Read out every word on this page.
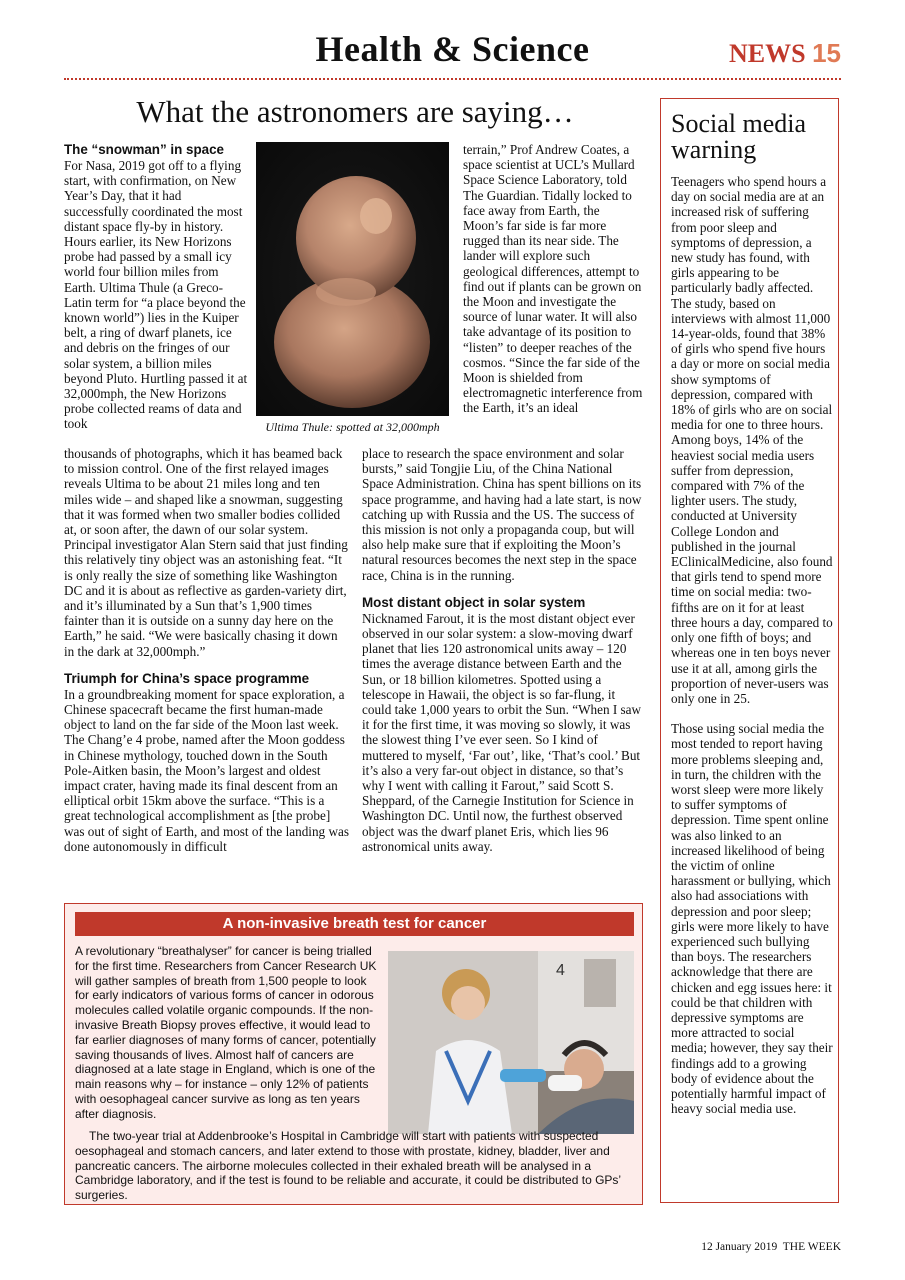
Health & Science	NEWS 15
What the astronomers are saying…
The “snowman” in space

For Nasa, 2019 got off to a flying start, with confirmation, on New Year’s Day, that it had successfully coordinated the most distant space fly-by in history. Hours earlier, its New Horizons probe had passed by a small icy world four billion miles from Earth. Ultima Thule (a Greco-Latin term for “a place beyond the known world”) lies in the Kuiper belt, a ring of dwarf planets, ice and debris on the fringes of our solar system, a billion miles beyond Pluto. Hurtling passed it at 32,000mph, the New Horizons probe collected reams of data and took	Ultima Thule: spotted at 32,000mph

terrain,” Prof Andrew Coates, a space scientist at UCL’s Mullard Space Science Laboratory, told The Guardian. Tidally locked to face away from Earth, the Moon’s far side is far more rugged than its near side. The lander will explore such geological differences, attempt to find out if plants can be grown on the Moon and investigate the source of lunar water. It will also take advantage of its position to “listen” to deeper reaches of the cosmos. “Since the far side of the Moon is shielded from electromagnetic interference from the Earth, it’s an ideal

thousands of photographs, which it has beamed back to mission control. One of the first relayed images reveals Ultima to be about 21 miles long and ten miles wide – and shaped like a snowman, suggesting that it was formed when two smaller bodies collided at, or soon after, the dawn of our solar system. Principal investigator Alan Stern said that just finding this relatively tiny object was an astonishing feat. “It is only really the size of something like Washington DC and it is about as reflective as garden-variety dirt, and it’s illuminated by a Sun that’s 1,900 times fainter than it is outside on a sunny day here on the Earth,” he said. “We were basically chasing it down in the dark at 32,000mph.”

Triumph for China’s space programme

In a groundbreaking moment for space exploration, a Chinese spacecraft became the first human-made object to land on the far side of the Moon last week. The Chang’e 4 probe, named after the Moon goddess in Chinese mythology, touched down in the South Pole-Aitken basin, the Moon’s largest and oldest impact crater, having made its final descent from an elliptical orbit 15km above the surface. “This is a great technological accomplishment as [the probe] was out of sight of Earth, and most of the landing was done autonomously in difficult

place to research the space environment and solar bursts,” said Tongjie Liu, of the China National Space Administration. China has spent billions on its space programme, and having had a late start, is now catching up with Russia and the US. The success of this mission is not only a propaganda coup, but will also help make sure that if exploiting the Moon’s natural resources becomes the next step in the space race, China is in the running.

Most distant object in solar system

Nicknamed Farout, it is the most distant object ever observed in our solar system: a slow-moving dwarf planet that lies 120 astronomical units away – 120 times the average distance between Earth and the Sun, or 18 billion kilometres. Spotted using a telescope in Hawaii, the object is so far-flung, it could take 1,000 years to orbit the Sun. “When I saw it for the first time, it was moving so slowly, it was the slowest thing I’ve ever seen. So I kind of muttered to myself, ‘Far out’, like, ‘That’s cool.’ But it’s also a very far-out object in distance, so that’s why I went with calling it Farout,” said Scott S. Sheppard, of the Carnegie Institution for Science in Washington DC. Until now, the furthest observed object was the dwarf planet Eris, which lies 96 astronomical units away.

A non-invasive breath test for cancer

A revolutionary “breathalyser” for cancer is being trialled for the first time. Researchers from Cancer Research UK will gather samples of breath from 1,500 people to look for early indicators of various forms of cancer in odorous molecules called volatile organic compounds. If the non-invasive Breath Biopsy proves effective, it would lead to far earlier diagnoses of many forms of cancer, potentially saving thousands of lives. Almost half of cancers are diagnosed at a late stage in England, which is one of the main reasons why – for instance – only 12% of patients with oesophageal cancer survive as long as ten years after diagnosis.

4

The two-year trial at Addenbrooke’s Hospital in Cambridge will start with patients with suspected oesophageal and stomach cancers, and later extend to those with prostate, kidney, bladder, liver and pancreatic cancers. The airborne molecules collected in their exhaled breath will be analysed in a Cambridge laboratory, and if the test is found to be reliable and accurate, it could be distributed to GPs’ surgeries.

Social media warning

Teenagers who spend hours a day on social media are at an increased risk of suffering from poor sleep and symptoms of depression, a new study has found, with girls appearing to be particularly badly affected. The study, based on interviews with almost 11,000 14-year-olds, found that 38% of girls who spend five hours a day or more on social media show symptoms of depression, compared with 18% of girls who are on social media for one to three hours. Among boys, 14% of the heaviest social media users suffer from depression, compared with 7% of the lighter users. The study, conducted at University College London and published in the journal EClinicalMedicine, also found that girls tend to spend more time on social media: two-fifths are on it for at least three hours a day, compared to only one fifth of boys; and whereas one in ten boys never use it at all, among girls the proportion of never-users was only one in 25.

Those using social media the most tended to report having more problems sleeping and, in turn, the children with the worst sleep were more likely to suffer symptoms of depression. Time spent online was also linked to an increased likelihood of being the victim of online harassment or bullying, which also had associations with depression and poor sleep; girls were more likely to have experienced such bullying than boys. The researchers acknowledge that there are chicken and egg issues here: it could be that children with depressive symptoms are more attracted to social media; however, they say their findings add to a growing body of evidence about the potentially harmful impact of heavy social media use.

12 January 2019 THE WEEK
